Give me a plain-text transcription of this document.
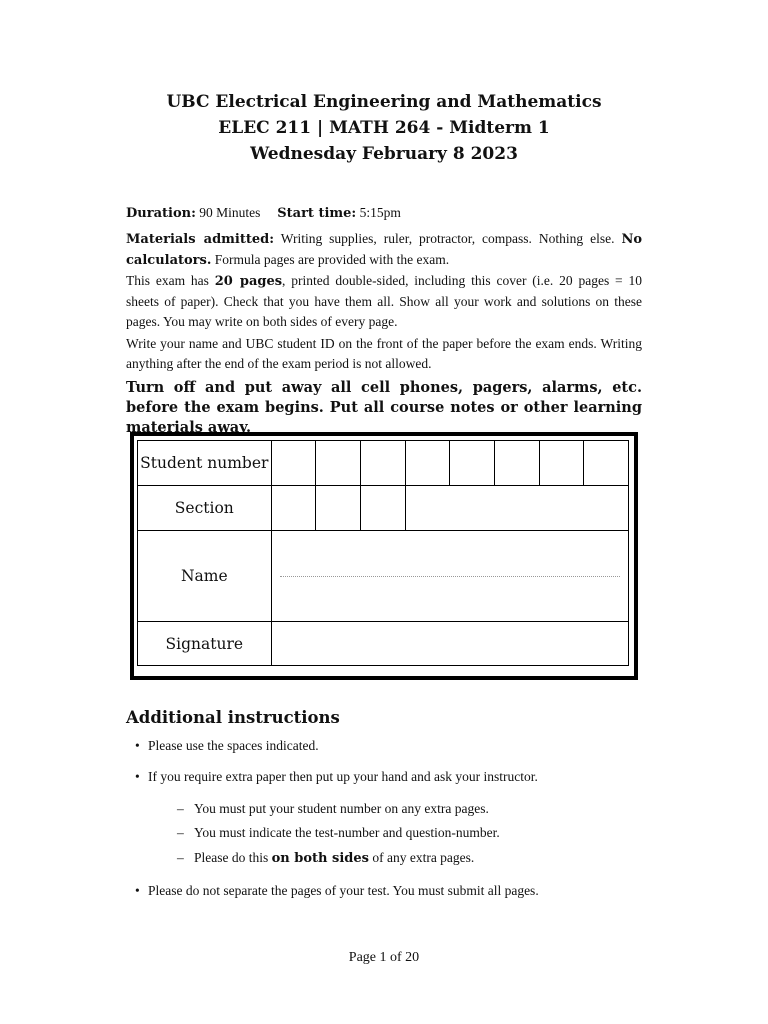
UBC Electrical Engineering and Mathematics
ELEC 211 | MATH 264 - Midterm 1
Wednesday February 8 2023
Duration: 90 Minutes Start time: 5:15pm
Materials admitted: Writing supplies, ruler, protractor, compass. Nothing else. No calculators. Formula pages are provided with the exam.
This exam has 20 pages, printed double-sided, including this cover (i.e. 20 pages = 10 sheets of paper). Check that you have them all. Show all your work and solutions on these pages. You may write on both sides of every page.
Write your name and UBC student ID on the front of the paper before the exam ends. Writing anything after the end of the exam period is not allowed.
Turn off and put away all cell phones, pagers, alarms, etc. before the exam begins. Put all course notes or other learning materials away.
Student number								
Section								
Name								

Signature								
Additional instructions
• Please use the spaces indicated.
• If you require extra paper then put up your hand and ask your instructor.
– You must put your student number on any extra pages.
– You must indicate the test-number and question-number.
– Please do this on both sides of any extra pages.
• Please do not separate the pages of your test. You must submit all pages.
Page 1 of 20
